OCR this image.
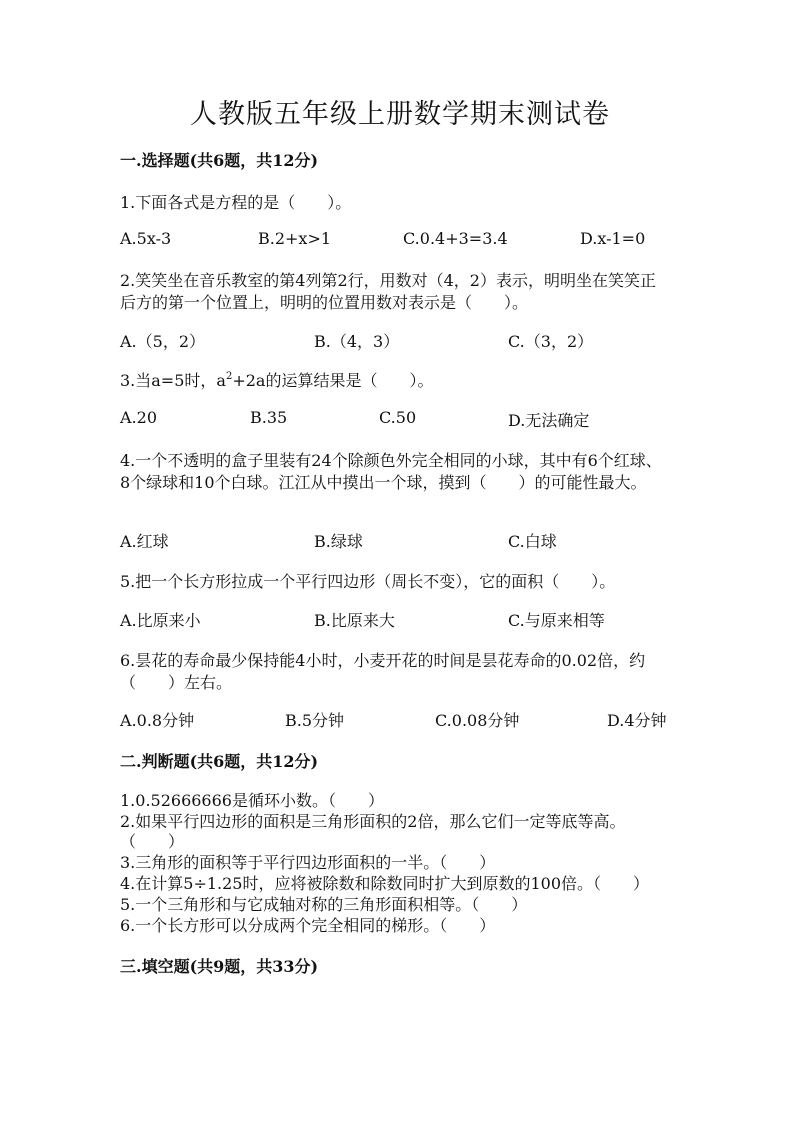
人教版五年级上册数学期末测试卷
一.选择题(共6题，共12分)
1.下面各式是方程的是（　　）。
A.5x-3	B.2+x>1	C.0.4+3=3.4	D.x-1=0
2.笑笑坐在音乐教室的第4列第2行，用数对（4，2）表示，明明坐在笑笑正
后方的第一个位置上，明明的位置用数对表示是（　　）。
A.（5，2）	B.（4，3）	C.（3，2）
3.当a=5时，$a^2+2a$的运算结果是（　　）。
A.20	B.35	C.50	D.无法确定
4.一个不透明的盒子里装有24个除颜色外完全相同的小球，其中有6个红球、
8个绿球和10个白球。江江从中摸出一个球，摸到（　　）的可能性最大。
A.红球	B.绿球	C.白球
5.把一个长方形拉成一个平行四边形（周长不变），它的面积（　　）。
A.比原来小	B.比原来大	C.与原来相等
6.昙花的寿命最少保持能4小时，小麦开花的时间是昙花寿命的0.02倍，约
（　　）左右。
A.0.8分钟	B.5分钟	C.0.08分钟	D.4分钟
二.判断题(共6题，共12分)
1.0.52666666是循环小数。（　　）
2.如果平行四边形的面积是三角形面积的2倍，那么它们一定等底等高。
（　　）
3.三角形的面积等于平行四边形面积的一半。（　　）
4.在计算5÷1.25时，应将被除数和除数同时扩大到原数的100倍。（　　）
5.一个三角形和与它成轴对称的三角形面积相等。（　　）
6.一个长方形可以分成两个完全相同的梯形。（　　）
三.填空题(共9题，共33分)
